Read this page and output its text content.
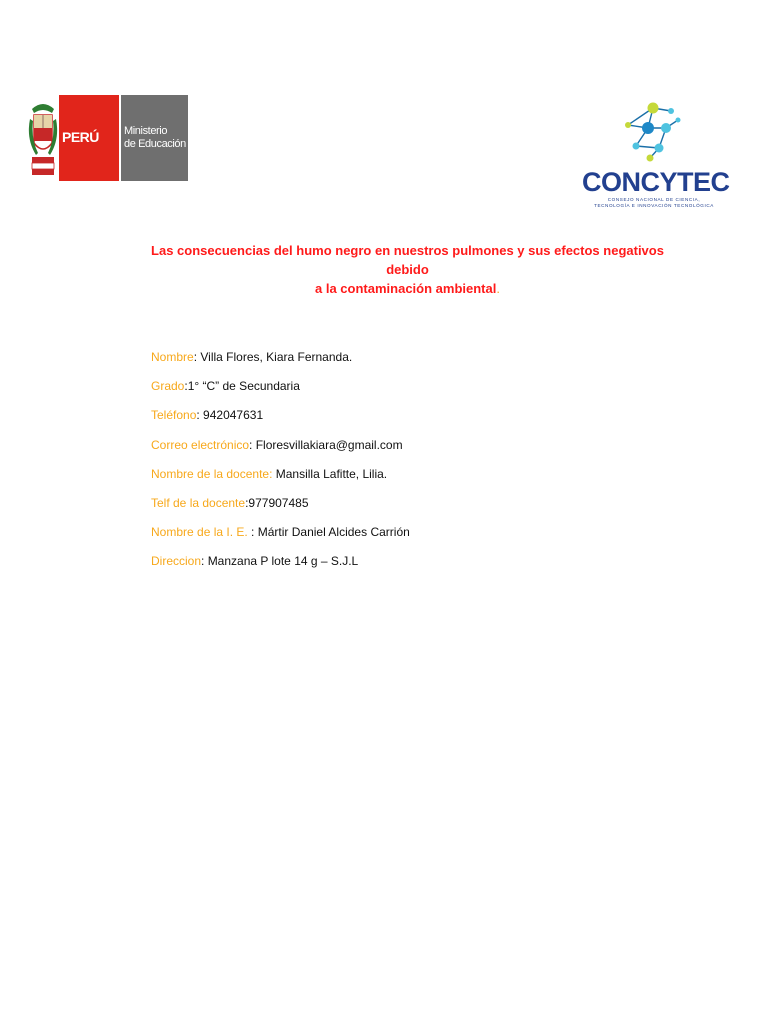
PERÚ Ministerio
de Educación
CONCYTEC
CONSEJO NACIONAL DE CIENCIA,
TECNOLOGÍA E INNOVACIÓN TECNOLÓGICA
Las consecuencias del humo negro en nuestros pulmones y sus efectos negativos debido
a la contaminación ambiental.
Nombre: Villa Flores, Kiara Fernanda.
Grado:1° “C” de Secundaria
Teléfono: 942047631
Correo electrónico: Floresvillakiara@gmail.com
Nombre de la docente: Mansilla Lafitte, Lilia.
Telf de la docente:977907485
Nombre de la I. E. : Mártir Daniel Alcides Carrión
Direccion: Manzana P lote 14 g – S.J.L
